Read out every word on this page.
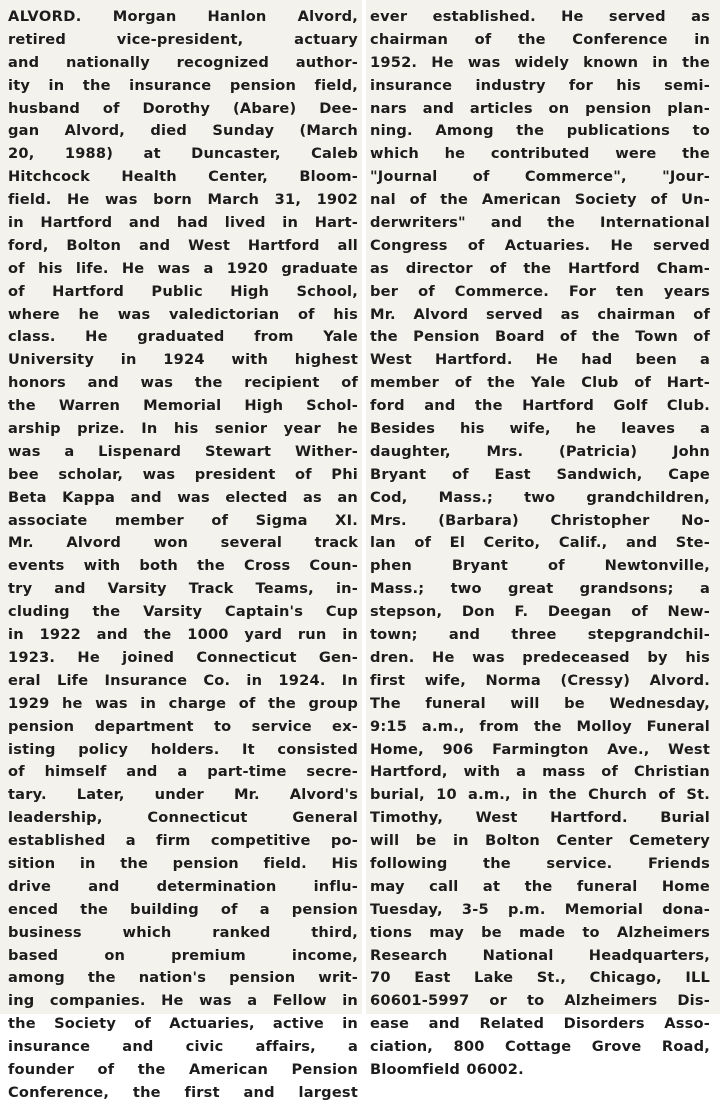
ALVORD. Morgan Hanlon Alvord,
retired vice-president, actuary
and nationally recognized author-
ity in the insurance pension field,
husband of Dorothy (Abare) Dee-
gan Alvord, died Sunday (March
20, 1988) at Duncaster, Caleb
Hitchcock Health Center, Bloom-
field. He was born March 31, 1902
in Hartford and had lived in Hart-
ford, Bolton and West Hartford all
of his life. He was a 1920 graduate
of Hartford Public High School,
where he was valedictorian of his
class. He graduated from Yale
University in 1924 with highest
honors and was the recipient of
the Warren Memorial High Schol-
arship prize. In his senior year he
was a Lispenard Stewart Wither-
bee scholar, was president of Phi
Beta Kappa and was elected as an
associate member of Sigma XI.
Mr. Alvord won several track
events with both the Cross Coun-
try and Varsity Track Teams, in-
cluding the Varsity Captain's Cup
in 1922 and the 1000 yard run in
1923. He joined Connecticut Gen-
eral Life Insurance Co. in 1924. In
1929 he was in charge of the group
pension department to service ex-
isting policy holders. It consisted
of himself and a part-time secre-
tary. Later, under Mr. Alvord's
leadership, Connecticut General
established a firm competitive po-
sition in the pension field. His
drive and determination influ-
enced the building of a pension
business which ranked third,
based on premium income,
among the nation's pension writ-
ing companies. He was a Fellow in
the Society of Actuaries, active in
insurance and civic affairs, a
founder of the American Pension
Conference, the first and largest
ever established. He served as
chairman of the Conference in
1952. He was widely known in the
insurance industry for his semi-
nars and articles on pension plan-
ning. Among the publications to
which he contributed were the
"Journal of Commerce", "Jour-
nal of the American Society of Un-
derwriters" and the International
Congress of Actuaries. He served
as director of the Hartford Cham-
ber of Commerce. For ten years
Mr. Alvord served as chairman of
the Pension Board of the Town of
West Hartford. He had been a
member of the Yale Club of Hart-
ford and the Hartford Golf Club.
Besides his wife, he leaves a
daughter, Mrs. (Patricia) John
Bryant of East Sandwich, Cape
Cod, Mass.; two grandchildren,
Mrs. (Barbara) Christopher No-
lan of El Cerito, Calif., and Ste-
phen Bryant of Newtonville,
Mass.; two great grandsons; a
stepson, Don F. Deegan of New-
town; and three stepgrandchil-
dren. He was predeceased by his
first wife, Norma (Cressy) Alvord.
The funeral will be Wednesday,
9:15 a.m., from the Molloy Funeral
Home, 906 Farmington Ave., West
Hartford, with a mass of Christian
burial, 10 a.m., in the Church of St.
Timothy, West Hartford. Burial
will be in Bolton Center Cemetery
following the service. Friends
may call at the funeral Home
Tuesday, 3-5 p.m. Memorial dona-
tions may be made to Alzheimers
Research National Headquarters,
70 East Lake St., Chicago, ILL
60601-5997 or to Alzheimers Dis-
ease and Related Disorders Asso-
ciation, 800 Cottage Grove Road,
Bloomfield 06002.
